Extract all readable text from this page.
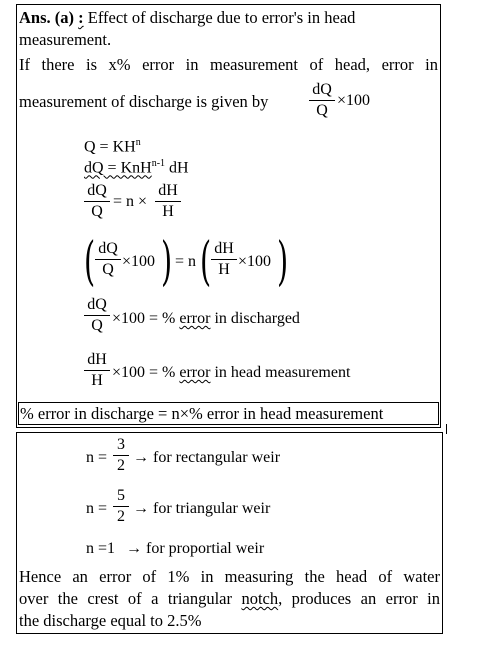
Ans. (a) : Effect of discharge due to error's in head
measurement.
If there is x% error in measurement of head, error in
measurement of discharge is given by
dQ
Q
×100
$Q = KH^n$
dQ = KnH$^{n-1}$ dH
dQ
Q
= n ×
dH
H
( dQ
Q ×100 ) = n ( dH
H ×100 )
dQ
Q ×100 = % error in discharged
dH
H ×100 = % error in head measurement
% error in discharge = n×% error in head measurement
n =
3
2 → for rectangular weir
n =
5
2 → for triangular weir
n =1 → for proportial weir
Hence an error of 1% in measuring the head of water
over the crest of a triangular notch, produces an error in
the discharge equal to 2.5%
